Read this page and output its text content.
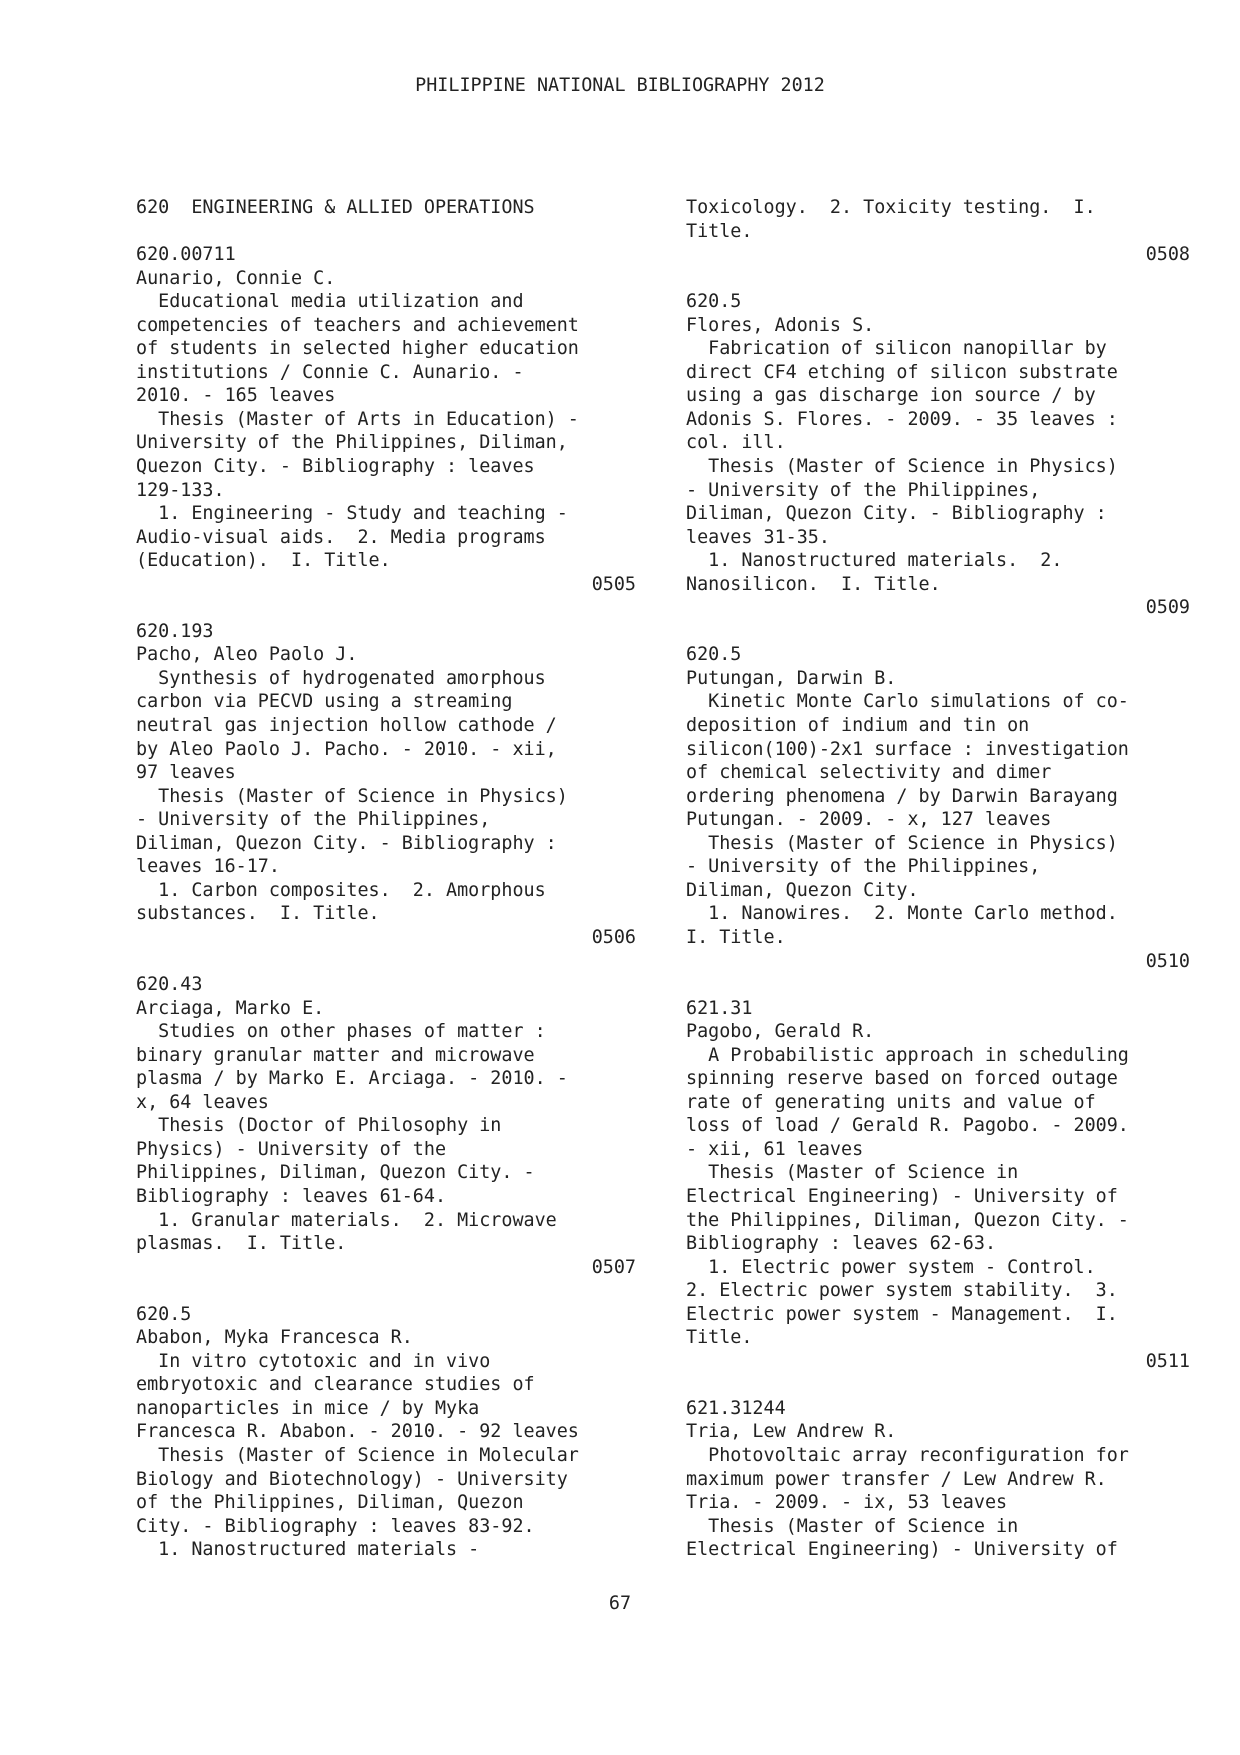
PHILIPPINE NATIONAL BIBLIOGRAPHY 2012
620  ENGINEERING & ALLIED OPERATIONS
620.00711
Aunario, Connie C.
Educational media utilization and
competencies of teachers and achievement
of students in selected higher education
institutions / Connie C. Aunario. -
2010. - 165 leaves
Thesis (Master of Arts in Education) -
University of the Philippines, Diliman,
Quezon City. - Bibliography : leaves
129-133.
1. Engineering - Study and teaching -
Audio-visual aids.  2. Media programs
(Education).  I. Title.
0505
620.193
Pacho, Aleo Paolo J.
Synthesis of hydrogenated amorphous
carbon via PECVD using a streaming
neutral gas injection hollow cathode /
by Aleo Paolo J. Pacho. - 2010. - xii,
97 leaves
Thesis (Master of Science in Physics)
- University of the Philippines,
Diliman, Quezon City. - Bibliography :
leaves 16-17.
1. Carbon composites.  2. Amorphous
substances.  I. Title.
0506
620.43
Arciaga, Marko E.
Studies on other phases of matter :
binary granular matter and microwave
plasma / by Marko E. Arciaga. - 2010. -
x, 64 leaves
Thesis (Doctor of Philosophy in
Physics) - University of the
Philippines, Diliman, Quezon City. -
Bibliography : leaves 61-64.
1. Granular materials.  2. Microwave
plasmas.  I. Title.
0507
620.5
Ababon, Myka Francesca R.
In vitro cytotoxic and in vivo
embryotoxic and clearance studies of
nanoparticles in mice / by Myka
Francesca R. Ababon. - 2010. - 92 leaves
Thesis (Master of Science in Molecular
Biology and Biotechnology) - University
of the Philippines, Diliman, Quezon
City. - Bibliography : leaves 83-92.
1. Nanostructured materials -
Toxicology.  2. Toxicity testing.  I.
Title.
0508
620.5
Flores, Adonis S.
Fabrication of silicon nanopillar by
direct CF4 etching of silicon substrate
using a gas discharge ion source / by
Adonis S. Flores. - 2009. - 35 leaves :
col. ill.
Thesis (Master of Science in Physics)
- University of the Philippines,
Diliman, Quezon City. - Bibliography :
leaves 31-35.
1. Nanostructured materials.  2.
Nanosilicon.  I. Title.
0509
620.5
Putungan, Darwin B.
Kinetic Monte Carlo simulations of co-
deposition of indium and tin on
silicon(100)-2x1 surface : investigation
of chemical selectivity and dimer
ordering phenomena / by Darwin Barayang
Putungan. - 2009. - x, 127 leaves
Thesis (Master of Science in Physics)
- University of the Philippines,
Diliman, Quezon City.
1. Nanowires.  2. Monte Carlo method.
I. Title.
0510
621.31
Pagobo, Gerald R.
A Probabilistic approach in scheduling
spinning reserve based on forced outage
rate of generating units and value of
loss of load / Gerald R. Pagobo. - 2009.
- xii, 61 leaves
Thesis (Master of Science in
Electrical Engineering) - University of
the Philippines, Diliman, Quezon City. -
Bibliography : leaves 62-63.
1. Electric power system - Control.
2. Electric power system stability.  3.
Electric power system - Management.  I.
Title.
0511
621.31244
Tria, Lew Andrew R.
Photovoltaic array reconfiguration for
maximum power transfer / Lew Andrew R.
Tria. - 2009. - ix, 53 leaves
Thesis (Master of Science in
Electrical Engineering) - University of
67
